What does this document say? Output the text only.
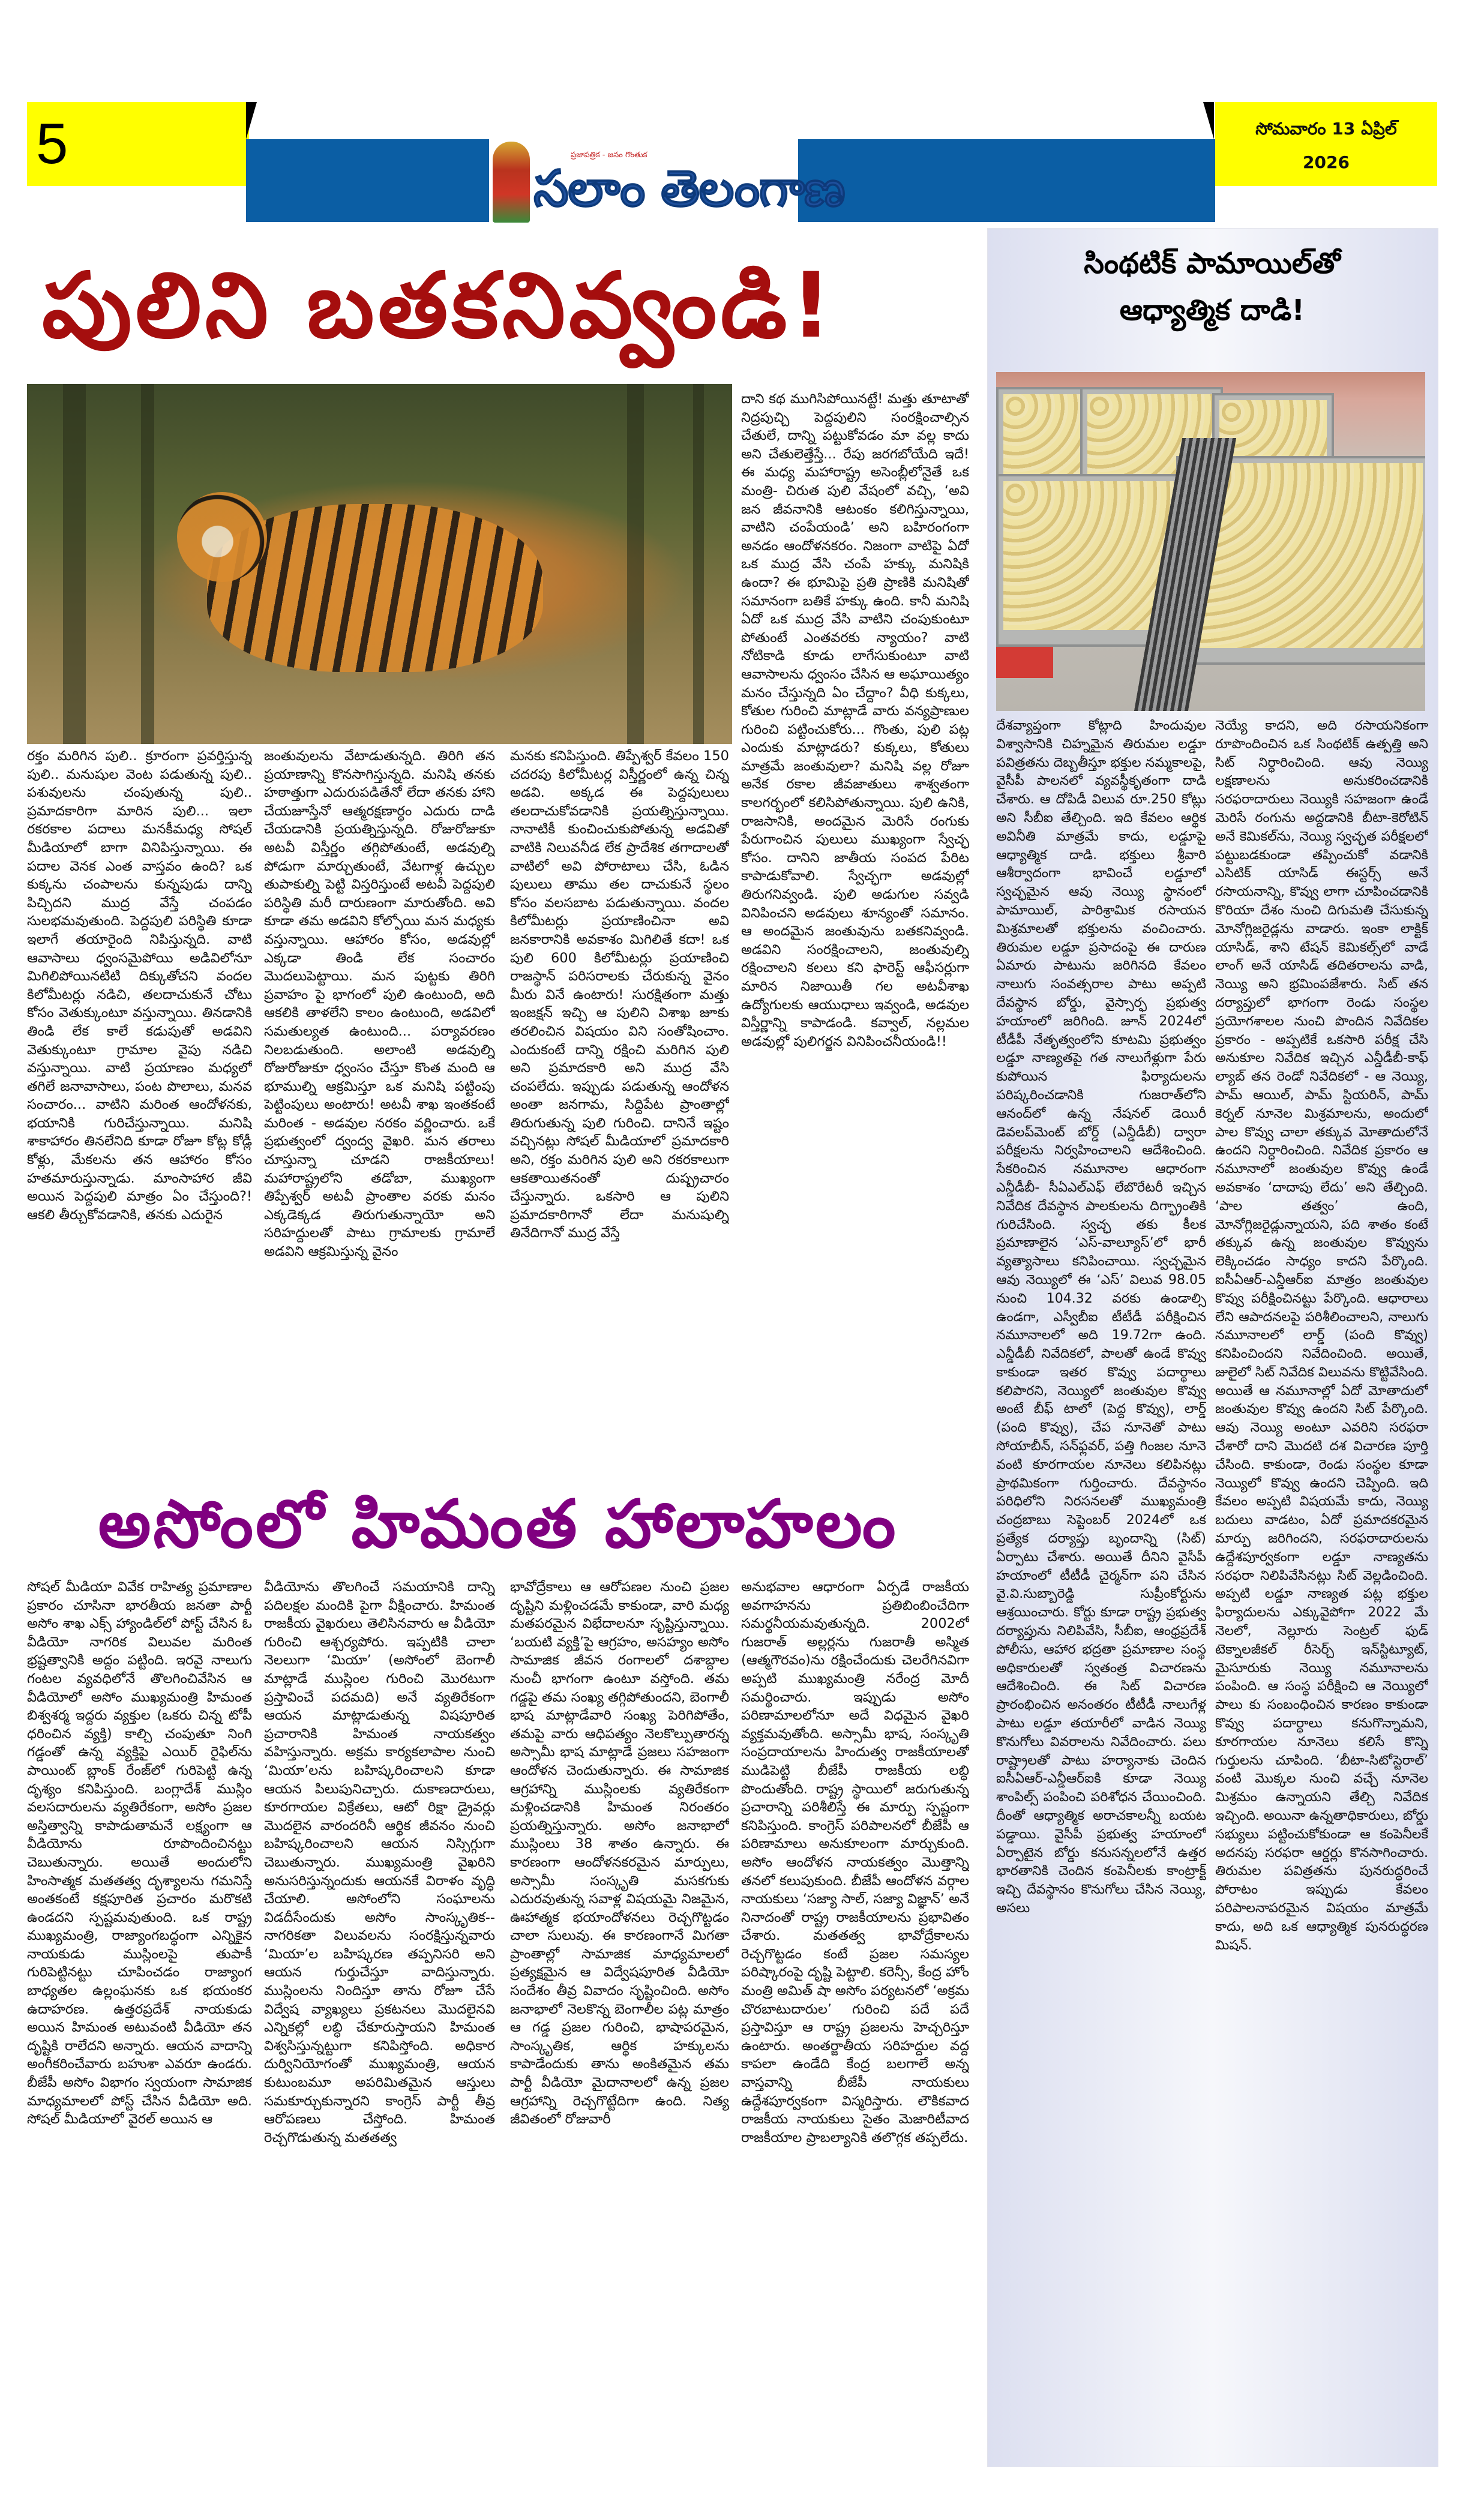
5	ప్రజాపత్రిక - జనం గొంతుక
సలాం తెలంగాణ
సోమవారం 13 ఏప్రిల్
2026
పులిని బతకనివ్వండి!

రక్తం మరిగిన పులి.. క్రూరంగా ప్రవర్తిస్తున్న పులి.. మనుషుల వెంట పడుతున్న పులి.. పశువులను చంపుతున్న పులి.. ప్రమాదకారిగా మారిన పులి... ఇలా రకరకాల పదాలు మనకీమధ్య సోషల్ మీడియాలో బాగా వినిపిస్తున్నాయి. ఈ పదాల వెనక ఎంత వాస్తవం ఉంది? ఒక కుక్కను చంపాలను కున్నపుడు దాన్ని పిచ్చిదని ముద్ర వేస్తే చంపడం సులభమవుతుంది. పెద్దపులి పరిస్థితి కూడా ఇలాగే తయారైంది నిపిస్తున్నది. వాటి ఆవాసాలు ధ్వంసమైపోయి అడివిలోనూ మిగిలిపోయినటిటి దిక్కుతోచని వందల కిలోమీటర్లు నడిచి, తలదాచుకునే చోటు కోసం వెతుక్కుంటూ వస్తున్నాయి. తినడానికి తిండి లేక కాలే కడుపుతో అడవిని వెతుక్కుంటూ గ్రామాల వైపు నడిచి వస్తున్నాయి. వాటి ప్రయాణం మధ్యలో తగిలే జనావాసాలు, పంట పొలాలు, మనవ సంచారం... వాటిని మరింత ఆందోళనకు, భయానికి గురిచేస్తున్నాయి. మనిషి శాకాహారం తినలేనిది కూడా రోజూ కోట్ల కోడ్లీ కోళ్లు, మేకలను తన ఆహారం కోసం హతమారుస్తున్నాడు. మాంసాహార జీవి అయిన పెద్దపులి మాత్రం ఏం చేస్తుంది?! ఆకలి తీర్చుకోవడానికి, తనకు ఎదురైన

జంతువులను వేటాడుతున్నది. తిరిగి తన ప్రయాణాన్ని కొనసాగిస్తున్నది. మనిషి తనకు హఠాత్తుగా ఎదురుపడితేనో లేదా తనకు హాని చేయజూస్తేనో ఆత్మరక్షణార్థం ఎదురు దాడి చేయడానికి ప్రయత్నిస్తున్నది. రోజురోజుకూ అటవీ విస్తీర్ణం తగ్గిపోతుంటే, అడవుల్ని పోడుగా మార్చుతుంటే, వేటగాళ్ల ఉచ్చుల తుపాకుల్ని పెట్టి విస్తరిస్తుంటే అటవీ పెద్దపులి పరిస్థితి మరీ దారుణంగా మారుతోంది. అవి కూడా తమ అడవిని కోల్పోయి మన మధ్యకు వస్తున్నాయి. ఆహారం కోసం, అడవుల్లో ఎక్కడా తిండి లేక సంచారం మొదలుపెట్టాయి. మన పుట్టకు తిరిగి ప్రవాహం పై భాగంలో పులి ఉంటుంది, అది ఆకలికి తాళలేని కాలం ఉంటుంది, అడవిలో సమతుల్యత ఉంటుంది... పర్యావరణం నిలబడుతుంది. అలాంటి అడవుల్ని రోజురోజుకూ ధ్వంసం చేస్తూ కొంత మంది ఆ భూముల్ని ఆక్రమిస్తూ ఒక మనిషి పట్టింపు పెట్టింపులు అంటారు! అటవీ శాఖ ఇంతకంటే మరింత - అడవుల నరకం వర్ణించారు. ఒకే ప్రభుత్వంలో ద్వంద్వ వైఖరి. మన తరాలు చూస్తున్నా చూడని రాజకీయాలు! మహారాష్ట్రలోని తడోబా, ముఖ్యంగా తిప్పేశ్వర్ అటవీ ప్రాంతాల వరకు మనం ఎక్కడెక్కడ తిరుగుతున్నాయో అని సరిహద్దులతో పాటు గ్రామాలకు గ్రామాలే అడవిని ఆక్రమిస్తున్న వైనం

మనకు కనిపిస్తుంది. తిప్పేశ్వర్ కేవలం 150 చదరపు కిలోమీటర్ల విస్తీర్ణంలో ఉన్న చిన్న అడవి. అక్కడ ఈ పెద్దపులులు తలదాచుకోవడానికి ప్రయత్నిస్తున్నాయి. నానాటికీ కుంచించుకుపోతున్న అడవితో వాటికి నిలువనీడ లేక ప్రాదేశిక తగాదాలతో వాటిలో అవి పోరాటాలు చేసి, ఓడిన పులులు తాము తల దాచుకునే స్థలం కోసం వలసబాట పడుతున్నాయి. వందల కిలోమీటర్లు ప్రయాణించినా అవి జనకారానికి అవకాశం మిగిలితే కదా! ఒక పులి 600 కిలోమీటర్లు ప్రయాణించి రాజస్థాన్ పరిసరాలకు చేరుకున్న వైనం మీరు వినే ఉంటారు! సురక్షితంగా మత్తు ఇంజక్షన్ ఇచ్చి ఆ పులిని విశాఖ జూకు తరలించిన విషయం విని సంతోషించాం. ఎందుకంటే దాన్ని రక్షించి మరిగిన పులి అని ప్రమాదకారి అని ముద్ర వేసి చంపలేదు. ఇప్పుడు పడుతున్న ఆందోళన అంతా జనగామ, సిద్దిపేట ప్రాంతాల్లో తిరుగుతున్న పులి గురించి. దానినే ఇష్టం వచ్చినట్లు సోషల్ మీడియాలో ప్రమాదకారి అని, రక్తం మరిగిన పులి అని రకరకాలుగా ఆకతాయితనంతో దుష్ప్రచారం చేస్తున్నారు. ఒకసారి ఆ పులిని ప్రమాదకారిగానో లేదా మనుషుల్ని తినేదిగానో ముద్ర వేస్తే

దాని కథ ముగిసిపోయినట్టే! మత్తు తూటాతో నిద్రపుచ్చి పెద్దపులిని సంరక్షించాల్సిన చేతులే, దాన్ని పట్టుకోవడం మా వల్ల కాదు అని చేతులెత్తేస్తే... రేపు జరగబోయేది ఇదే! ఈ మధ్య మహారాష్ట్ర అసెంబ్లీలోనైతే ఒక మంత్రి- చిరుత పులి వేషంలో వచ్చి, ‘అవి జన జీవనానికి ఆటంకం కలిగిస్తున్నాయి, వాటిని చంపేయండి’ అని బహిరంగంగా అనడం ఆందోళనకరం. నిజంగా వాటిపై ఏదో ఒక ముద్ర వేసి చంపే హక్కు మనిషికి ఉందా? ఈ భూమిపై ప్రతి ప్రాణికి మనిషితో సమానంగా బతికే హక్కు ఉంది. కానీ మనిషి ఏదో ఒక ముద్ర వేసి వాటిని చంపుకుంటూ పోతుంటే ఎంతవరకు న్యాయం? వాటి నోటికాడి కూడు లాగేసుకుంటూ వాటి ఆవాసాలను ధ్వంసం చేసిన ఆ అఘాయిత్యం మనం చేస్తున్నది ఏం చేద్దాం? వీధి కుక్కలు, కోతుల గురించి మాట్లాడే వారు వన్యప్రాణుల గురించి పట్టించుకోరు... గొంతు, పులి పట్ల ఎందుకు మాట్లాడరు? కుక్కలు, కోతులు మాత్రమే జంతువులా? మనిషి వల్ల రోజూ అనేక రకాల జీవజాతులు శాశ్వతంగా కాలగర్భంలో కలిసిపోతున్నాయి. పులి ఉనికి, రాజసానికి, అందమైన మెరిసే రంగుకు పేరుగాంచిన పులులు ముఖ్యంగా స్వేచ్ఛ కోసం. దానిని జాతీయ సంపద పేరిట కాపాడుకోవాలి. స్వేచ్ఛగా అడవుల్లో తిరుగనివ్వండి. పులి అడుగుల సవ్వడి వినిపించని అడవులు శూన్యంతో సమానం. ఆ అందమైన జంతువును బతకనివ్వండి. అడవిని సంరక్షించాలని, జంతువుల్ని రక్షించాలని కలలు కని ఫారెస్ట్ ఆఫీసర్లుగా మారిన నిజాయితీ గల అటవీశాఖ ఉద్యోగులకు ఆయుధాలు ఇవ్వండి, అడవుల విస్తీర్ణాన్ని కాపాడండి. కవ్వాల్, నల్లమల అడవుల్లో పులిగర్జన వినిపించనీయండి!!

అసోంలో హిమంత హాలాహలం

సోషల్ మీడియా వివేక రాహిత్య ప్రమాణాల ప్రకారం చూసినా భారతీయ జనతా పార్టీ అసోం శాఖ ఎక్స్ హ్యాండిల్‌లో పోస్ట్ చేసిన ఓ వీడియో నాగరిక విలువల మరింత భ్రష్టత్వానికి అద్దం పట్టింది. ఇరవై నాలుగు గంటల వ్యవధిలోనే తొలగించివేసిన ఆ వీడియోలో అసోం ముఖ్యమంత్రి హిమంత బిశ్వశర్మ ఇద్దరు వ్యక్తుల (ఒకరు చిన్న టోపీ ధరించిన వ్యక్తి) కాల్చి చంపుతూ నింగి గడ్డంతో ఉన్న వ్యక్తిపై ఎయిర్ రైఫిల్‌ను పాయింట్ బ్లాంక్ రేంజ్‌లో గురిపెట్టి ఉన్న దృశ్యం కనిపిస్తుంది. బంగ్లాదేశ్ ముస్లిం వలసదారులను వ్యతిరేకంగా, అసోం ప్రజల అస్తిత్వాన్ని కాపాడుతామనే లక్ష్యంగా ఆ వీడియోను రూపొందించినట్టు చెబుతున్నారు. అయితే అందులోని హింసాత్మక మతతత్వ దృశ్యాలను గమనిస్తే అంతకంటే కక్షపూరిత ప్రచారం మరొకటి ఉండదని స్పష్టమవుతుంది. ఒక రాష్ట్ర ముఖ్యమంత్రి, రాజ్యాంగబద్ధంగా ఎన్నికైన నాయకుడు ముస్లింలపై తుపాకీ గురిపెట్టినట్టు చూపించడం రాజ్యాంగ బాధ్యతల ఉల్లంఘనకు ఒక భయంకర ఉదాహరణ. ఉత్తరప్రదేశ్ నాయకుడు అయిన హిమంత అటువంటి వీడియో తన దృష్టికి రాలేదని అన్నారు. ఆయన వాదాన్ని అంగీకరించేవారు బహుశా ఎవరూ ఉండరు. బీజేపీ అసోం విభాగం స్వయంగా సామాజిక మాధ్యమాలలో పోస్ట్ చేసిన వీడియో అది. సోషల్ మీడియాలో వైరల్ అయిన ఆ

వీడియోను తొలగించే సమయానికి దాన్ని పదిలక్షల మందికి పైగా వీక్షించారు. హిమంత రాజకీయ వైఖరులు తెలిసినవారు ఆ వీడియో గురించి ఆశ్చర్యపోరు. ఇప్పటికి చాలా నెలలుగా ‘మియా’ (అసోంలో బెంగాలీ మాట్లాడే ముస్లింల గురించి మొరటుగా ప్రస్తావించే పదమది) అనే వ్యతిరేకంగా ఆయన మాట్లాడుతున్న విషపూరిత ప్రచారానికి హిమంత నాయకత్వం వహిస్తున్నారు. అక్రమ కార్యకలాపాల నుంచి ‘మియా’లను బహిష్కరించాలని కూడా ఆయన పిలుపునిచ్చారు. దుకాణదారులు, కూరగాయల విక్రేతలు, ఆటో రిక్షా డ్రైవర్లు మొదలైన వారందరినీ ఆర్థిక జీవనం నుంచి బహిష్కరించాలని ఆయన నిస్సిగ్గుగా చెబుతున్నారు. ముఖ్యమంత్రి వైఖరిని అనుసరిస్తున్నందుకు ఆయనకే విరాళం వృద్ధి చేయాలి. అసోంలోని సంఘాలను విడదీసేందుకు అసోం సాంస్కృతిక--నాగరికతా విలువలను సంరక్షిస్తున్నవారు ‘మియా’ల బహిష్కరణ తప్పనిసరి అని ఆయన గుర్తుచేస్తూ వాదిస్తున్నారు. ముస్లింలను నిందిస్తూ తాను రోజూ చేసే విద్వేష వ్యాఖ్యలు ప్రకటనలు మొదలైనవి ఎన్నికల్లో లబ్ధి చేకూరుస్తాయని హిమంత విశ్వసిస్తున్నట్టుగా కనిపిస్తోంది. అధికార దుర్వినియోగంతో ముఖ్యమంత్రి, ఆయన కుటుంబమూ అపరిమితమైన ఆస్తులు సమకూర్చుకున్నారని కాంగ్రెస్ పార్టీ తీవ్ర ఆరోపణలు చేస్తోంది. హిమంత రెచ్చగొడుతున్న మతతత్వ

భావోద్రేకాలు ఆ ఆరోపణల నుంచి ప్రజల దృష్టిని మళ్లించడమే కాకుండా, వారి మధ్య మతపరమైన విభేదాలనూ సృష్టిస్తున్నాయి. ‘బయటి వ్యక్తి’పై ఆగ్రహం, అసహ్యం అసోం సామాజిక జీవన రంగాలలో దశాబ్దాల నుంచీ భాగంగా ఉంటూ వస్తోంది. తమ గడ్డపై తమ సంఖ్య తగ్గిపోతుందని, బెంగాలీ భాష మాట్లాడేవారి సంఖ్య పెరిగిపోతేం, తమపై వారు ఆధిపత్యం నెలకొల్పుతారన్న అస్సామీ భాష మాట్లాడే ప్రజలు సహజంగా ఆందోళన చెందుతున్నారు. ఈ సామాజిక ఆగ్రహాన్ని ముస్లింలకు వ్యతిరేకంగా మళ్లించడానికి హిమంత నిరంతరం ప్రయత్నిస్తున్నారు. అసోం జనాభాలో ముస్లింలు 38 శాతం ఉన్నారు. ఈ కారణంగా ఆందోళనకరమైన మార్పులు, అస్సామీ సంస్కృతి మసకగుకు ఎదురవుతున్న సవాళ్ల విషయమై నిజమైన, ఊహాత్మక భయాందోళనలు రెచ్చగొట్టడం చాలా సులువు. ఈ కారణంగానే మిగతా ప్రాంతాల్లో సామాజిక మాధ్యమాలలో ప్రత్యక్షమైన ఆ విద్వేషపూరిత వీడియో సందేశం తీవ్ర వివాదం సృష్టించింది. అసోం జనాభాలో నెలకొన్న బెంగాలీల పట్ల మాత్రం ఆ గడ్డ ప్రజల గురించి, భాషాపరమైన, సాంస్కృతిక, ఆర్థిక హక్కులను కాపాడేందుకు తాను అంకితమైన తమ పార్టీ వీడియో మైదానాలలో ఉన్న ప్రజల ఆగ్రహాన్ని రెచ్చగొట్టేదిగా ఉంది. నిత్య జీవితంలో రోజువారీ

అనుభవాల ఆధారంగా ఏర్పడే రాజకీయ అవగాహనను ప్రతిబింబించేదిగా సమర్థనీయమవుతున్నది. 2002లో గుజరాత్ అల్లర్లను గుజరాతీ అస్మిత (ఆత్మగౌరవం)ను రక్షించేందుకు చెలరేగినవిగా అప్పటి ముఖ్యమంత్రి నరేంద్ర మోదీ సమర్థించారు. ఇప్పుడు అసోం పరిణామాలలోనూ అదే విధమైన వైఖరి వ్యక్తమవుతోంది. అస్సామీ భాష, సంస్కృతి సంప్రదాయాలను హిందుత్వ రాజకీయాలతో ముడిపెట్టి బీజేపీ రాజకీయ లబ్ధి పొందుతోంది. రాష్ట్ర స్థాయిలో జరుగుతున్న ప్రచారాన్ని పరిశీలిస్తే ఈ మార్పు స్పష్టంగా కనిపిస్తుంది. కాంగ్రెస్ పరిపాలనలో బీజేపీ ఆ పరిణామాలు అనుకూలంగా మార్చుకుంది. అసోం ఆందోళన నాయకత్వం మొత్తాన్ని తనలో కలుపుకుంది. బీజేపీ ఆందోళన వర్గాల నాయకులు ‘సజ్యా సాల్, సజ్యా విజ్ఞాన్’ అనే నినాదంతో రాష్ట్ర రాజకీయాలను ప్రభావితం చేశారు. మతతత్వ భావోద్రేకాలను రెచ్చగొట్టడం కంటే ప్రజల సమస్యల పరిష్కారంపై దృష్టి పెట్టాలి. కరెన్సీ, కేంద్ర హోం మంత్రి అమిత్ షా అసోం పర్యటనలో ‘అక్రమ చొరబాటుదారుల’ గురించి పదే పదే ప్రస్తావిస్తూ ఆ రాష్ట్ర ప్రజలను హెచ్చరిస్తూ ఉంటారు. అంతర్జాతీయ సరిహద్దుల వద్ద కాపలా ఉండేది కేంద్ర బలగాలే అన్న వాస్తవాన్ని బీజేపీ నాయకులు ఉద్దేశపూర్వకంగా విస్మరిస్తారు. లౌకికవాద రాజకీయ నాయకులు సైతం మెజారిటీవాద రాజకీయాల ప్రాబల్యానికి తలొగ్గక తప్పలేదు.

సింథటిక్ పామాయిల్‌తో
ఆధ్యాత్మిక దాడి!

దేశవ్యాప్తంగా కోట్లాది హిందువుల విశ్వాసానికి చిహ్నమైన తిరుమల లడ్డూ పవిత్రతను దెబ్బతీస్తూ భక్తుల నమ్మకాలపై, వైసీపీ పాలనలో వ్యవస్థీకృతంగా దాడి చేశారు. ఆ దోపిడీ విలువ రూ.250 కోట్లు అని సీబీఐ తేల్చింది. ఇది కేవలం ఆర్థిక అవినీతి మాత్రమే కాదు, లడ్డూపై ఆధ్యాత్మిక దాడి. భక్తులు శ్రీవారి ఆశీర్వాదంగా భావించే లడ్డూలో స్వచ్ఛమైన ఆవు నెయ్యి స్థానంలో పామాయిల్, పారిశ్రామిక రసాయన మిశ్రమాలతో భక్తులను వంచించారు. తిరుమల లడ్డూ ప్రసాదంపై ఈ దారుణ ఏమారు పాటును జరిగినది కేవలం నాలుగు సంవత్సరాల పాటు అప్పటి దేవస్థాన బోర్డు, వైస్సార్ఫ ప్రభుత్వ హయాంలో జరిగింది. జూన్ 2024లో టీడీపీ నేతృత్వంలోని కూటమి ప్రభుత్వం లడ్డూ నాణ్యతపై గత నాలుగేళ్లుగా పేరు కుపోయిన ఫిర్యాదులను పరిష్కరించడానికి గుజరాత్‌లోని ఆనంద్‌లో ఉన్న నేషనల్ డెయిరీ డెవలప్‌మెంట్ బోర్డ్ (ఎన్డీడీబీ) ద్వారా పరీక్షలను నిర్వహించాలని ఆదేశించింది. సేకరించిన నమూనాల ఆధారంగా ఎన్డీడీబీ- సీఏఎల్‌ఎఫ్ లేబొరేటరీ ఇచ్చిన నివేదిక దేవస్థాన పాలకులను దిగ్భ్రాంతికి గురిచేసింది. స్వచ్ఛ తకు కీలక ప్రమాణాలైన ‘ఎస్-వాల్యూస్’లో భారీ వ్యత్యాసాలు కనిపించాయి. స్వచ్ఛమైన ఆవు నెయ్యిలో ఈ ‘ఎస్’ విలువ 98.05 నుంచి 104.32 వరకు ఉండాల్సి ఉండగా, ఎస్వీబీఐ టీటీడీ పరీక్షించిన నమూనాలలో అది 19.72గా ఉంది. ఎన్డీడీబీ నివేదికలో, పాలతో ఉండే కొవ్వు కాకుండా ఇతర కొవ్వు పదార్థాలు కలిపారని, నెయ్యిలో జంతువుల కొవ్వు అంటే బీఫ్ టాలో (పెద్ద కొవ్వు), లార్డ్ (పంది కొవ్వు), చేప నూనెతో పాటు సోయాబీన్, సన్‌ఫ్లవర్, పత్తి గింజల నూనె వంటి కూరగాయల నూనెలు కలిపినట్లు ప్రాథమికంగా గుర్తించారు. దేవస్థానం పరిధిలోని నిరసనలతో ముఖ్యమంత్రి చంద్రబాబు సెప్టెంబర్ 2024లో ఒక ప్రత్యేక దర్యాప్తు బృందాన్ని (సిట్) ఏర్పాటు చేశారు. అయితే దీనిని వైసీపీ హయాంలో టీటీడీ చైర్మన్‌గా పని చేసిన వై.వి.సుబ్బారెడ్డి సుప్రీంకోర్టును ఆశ్రయించారు. కోర్టు కూడా రాష్ట్ర ప్రభుత్వ దర్యాప్తును నిలిపివేసి, సీబీఐ, ఆంధ్రప్రదేశ్ పోలీసు, ఆహార భద్రతా ప్రమాణాల సంస్థ అధికారులతో స్వతంత్ర విచారణను ఆదేశించింది. ఈ సిట్ విచారణ ప్రారంభించిన అనంతరం టీటీడీ నాలుగేళ్ల పాటు లడ్డూ తయారీలో వాడిన నెయ్యి కొనుగోలు వివరాలను నివేదించారు. పలు రాష్ట్రాలతో పాటు హర్యానాకు చెందిన ఐసీఏఆర్-ఎన్డీఆర్ఐకి కూడా నెయ్యి శాంపిల్స్ పంపించి పరిశోధన చేయించింది. దీంతో ఆధ్యాత్మిక అరాచకాలన్నీ బయట పడ్డాయి. వైసీపీ ప్రభుత్వ హయాంలో ఏర్పాటైన బోర్డు కనుసన్నలలోనే ఉత్తర భారతానికి చెందిన కంపెనీలకు కాంట్రాక్ట్ ఇచ్చి దేవస్థానం కొనుగోలు చేసిన నెయ్యి, అసలు

నెయ్యే కాదని, అది రసాయనికంగా రూపొందించిన ఒక సింథటిక్ ఉత్పత్తి అని సిట్ నిర్ధారించింది. ఆవు నెయ్యి లక్షణాలను అనుకరించడానికి సరఫరాదారులు నెయ్యికి సహజంగా ఉండే మెరిసే రంగును అద్దడానికి బీటా-కెరోటిన్ అనే కెమికల్‌ను, నెయ్యి స్వచ్ఛత పరీక్షలలో పట్టుబడకుండా తప్పించుకో వడానికి ఎసిటిక్ యాసిడ్ ఈస్టర్స్ అనే రసాయనాన్ని, కొవ్వు లాగా చూపించడానికి కొరియా దేశం నుంచి దిగుమతి చేసుకున్న మోనోగ్లిజరైడ్లను వాడారు. ఇంకా లాక్టిక్ యాసిడ్, శాని టేషన్ కెమికల్స్‌లో వాడే లాంగ్ అనే యాసిడ్ తదితరాలను వాడి, నెయ్యి అని భ్రమింపజేశారు. సిట్ తన దర్యాప్తులో భాగంగా రెండు సంస్థల ప్రయోగశాలల నుంచి పొందిన నివేదికల ప్రకారం - అప్పటికే ఒకసారి పరీక్ష చేసి అనుకూల నివేదిక ఇచ్చిన ఎన్డీడీబీ-కాఫ్ ల్యాబ్ తన రెండో నివేదికలో - ఆ నెయ్యి, పామ్ ఆయిల్, పామ్ స్టియరిన్, పామ్ కెర్నల్ నూనెల మిశ్రమాలను, అందులో పాల కొవ్వు చాలా తక్కువ మోతాదులోనే ఉందని నిర్ధారించింది. నివేదిక ప్రకారం ఆ నమూనాలో జంతువుల కొవ్వు ఉండే అవకాశం ‘దాదాపు లేదు’ అని తేల్చింది. ‘పాల తత్వం’ ఉంది, మోనోగ్లిజరైడ్లున్నాయని, పది శాతం కంటే తక్కువ ఉన్న జంతువుల కొవ్వును లెక్కించడం సాధ్యం కాదని పేర్కొంది. ఐసీఏఆర్-ఎన్డీఆర్ఐ మాత్రం జంతువుల కొవ్వు పరీక్షించినట్టు పేర్కొంది. ఆధారాలు లేని ఆపాదనలపై పరిశీలించాలని, నాలుగు నమూనాలలో లార్డ్ (పంది కొవ్వు) కనిపించిందని నివేదించింది. అయితే, జులైలో సిట్ నివేదిక విలువను కొట్టివేసింది. అయితే ఆ నమూనాల్లో ఏదో మోతాదులో జంతువుల కొవ్వు ఉందని సిట్ పేర్కొంది. ఆవు నెయ్యి అంటూ ఎవరిని సరఫరా చేశారో దాని మొదటి దశ విచారణ పూర్తి చేసింది. కాకుండా, రెండు సంస్థల కూడా నెయ్యిలో కొవ్వు ఉందని చెప్పింది. ఇది కేవలం అప్పటి విషయమే కాదు, నెయ్యి బదులు వాడటం, ఏదో ప్రమాదకరమైన మార్పు జరిగిందని, సరఫరాదారులను ఉద్దేశపూర్వకంగా లడ్డూ నాణ్యతను సరఫరా నిలిపివేసినట్లు సిట్ వెల్లడించింది. అప్పటి లడ్డూ నాణ్యత పట్ల భక్తుల ఫిర్యాదులను ఎక్కువైపోగా 2022 మే నెలలో, నెల్లూరు సెంట్రల్ ఫుడ్ టెక్నాలజీకల్ రీసెర్చ్ ఇన్‌స్టిట్యూట్, మైసూరుకు నెయ్యి నమూనాలను పంపింది. ఆ సంస్థ పరీక్షించి ఆ నెయ్యిలో పాలు కు సంబంధించిన కారణం కాకుండా కొవ్వు పదార్థాలు కనుగొన్నామని, కూరగాయల నూనెలు కలిసే కొన్ని గుర్తులను చూపింది. ‘బీటా-సిటోస్టెరాల్’ వంటి మొక్కల నుంచి వచ్చే నూనెల మిశ్రమం ఉన్నాయని తేల్చి నివేదిక ఇచ్చింది. అయినా ఉన్నతాధికారులు, బోర్డు సభ్యులు పట్టించుకోకుండా ఆ కంపెనీలకే అదనపు సరఫరా ఆర్డర్లు కొనసాగించారు. తిరుమల పవిత్రతను పునరుద్ధరించే పోరాటం ఇప్పుడు కేవలం పరిపాలనాపరమైన విషయం మాత్రమే కాదు, అది ఒక ఆధ్యాత్మిక పునరుద్ధరణ మిషన్.
